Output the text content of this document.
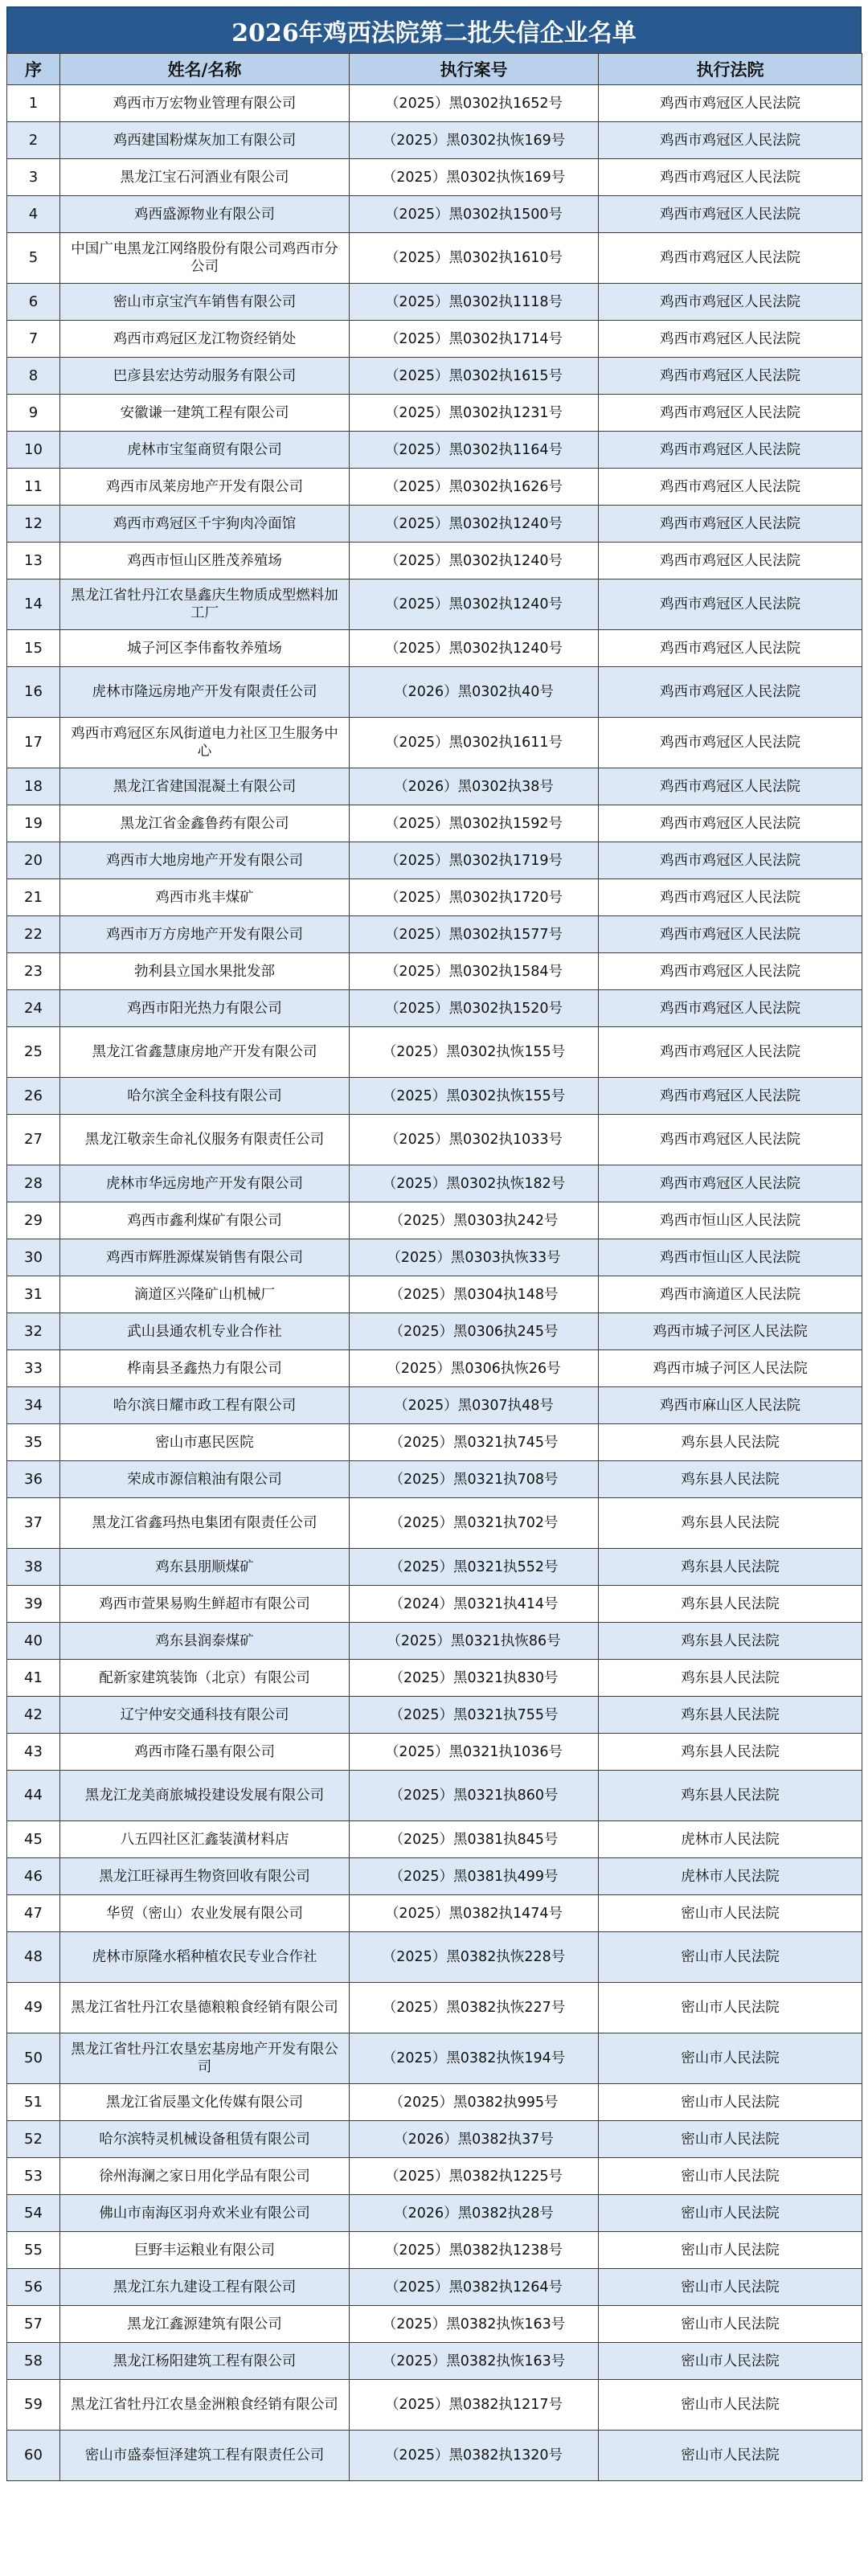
2026年鸡西法院第二批失信企业名单
序	姓名/名称	执行案号	执行法院
1	鸡西市万宏物业管理有限公司	（2025）黑0302执1652号	鸡西市鸡冠区人民法院
2	鸡西建国粉煤灰加工有限公司	（2025）黑0302执恢169号	鸡西市鸡冠区人民法院
3	黑龙江宝石河酒业有限公司	（2025）黑0302执恢169号	鸡西市鸡冠区人民法院
4	鸡西盛源物业有限公司	（2025）黑0302执1500号	鸡西市鸡冠区人民法院
5	中国广电黑龙江网络股份有限公司鸡西市分公司	（2025）黑0302执1610号	鸡西市鸡冠区人民法院
6	密山市京宝汽车销售有限公司	（2025）黑0302执1118号	鸡西市鸡冠区人民法院
7	鸡西市鸡冠区龙江物资经销处	（2025）黑0302执1714号	鸡西市鸡冠区人民法院
8	巴彦县宏达劳动服务有限公司	（2025）黑0302执1615号	鸡西市鸡冠区人民法院
9	安徽谦一建筑工程有限公司	（2025）黑0302执1231号	鸡西市鸡冠区人民法院
10	虎林市宝玺商贸有限公司	（2025）黑0302执1164号	鸡西市鸡冠区人民法院
11	鸡西市凤莱房地产开发有限公司	（2025）黑0302执1626号	鸡西市鸡冠区人民法院
12	鸡西市鸡冠区千宇狗肉冷面馆	（2025）黑0302执1240号	鸡西市鸡冠区人民法院
13	鸡西市恒山区胜茂养殖场	（2025）黑0302执1240号	鸡西市鸡冠区人民法院
14	黑龙江省牡丹江农垦鑫庆生物质成型燃料加工厂	（2025）黑0302执1240号	鸡西市鸡冠区人民法院
15	城子河区李伟畜牧养殖场	（2025）黑0302执1240号	鸡西市鸡冠区人民法院
16	虎林市隆远房地产开发有限责任公司	（2026）黑0302执40号	鸡西市鸡冠区人民法院
17	鸡西市鸡冠区东风街道电力社区卫生服务中心	（2025）黑0302执1611号	鸡西市鸡冠区人民法院
18	黑龙江省建国混凝土有限公司	（2026）黑0302执38号	鸡西市鸡冠区人民法院
19	黑龙江省金鑫鲁药有限公司	（2025）黑0302执1592号	鸡西市鸡冠区人民法院
20	鸡西市大地房地产开发有限公司	（2025）黑0302执1719号	鸡西市鸡冠区人民法院
21	鸡西市兆丰煤矿	（2025）黑0302执1720号	鸡西市鸡冠区人民法院
22	鸡西市万方房地产开发有限公司	（2025）黑0302执1577号	鸡西市鸡冠区人民法院
23	勃利县立国水果批发部	（2025）黑0302执1584号	鸡西市鸡冠区人民法院
24	鸡西市阳光热力有限公司	（2025）黑0302执1520号	鸡西市鸡冠区人民法院
25	黑龙江省鑫慧康房地产开发有限公司	（2025）黑0302执恢155号	鸡西市鸡冠区人民法院
26	哈尔滨全金科技有限公司	（2025）黑0302执恢155号	鸡西市鸡冠区人民法院
27	黑龙江敬亲生命礼仪服务有限责任公司	（2025）黑0302执1033号	鸡西市鸡冠区人民法院
28	虎林市华远房地产开发有限公司	（2025）黑0302执恢182号	鸡西市鸡冠区人民法院
29	鸡西市鑫利煤矿有限公司	（2025）黑0303执242号	鸡西市恒山区人民法院
30	鸡西市辉胜源煤炭销售有限公司	（2025）黑0303执恢33号	鸡西市恒山区人民法院
31	滴道区兴隆矿山机械厂	（2025）黑0304执148号	鸡西市滴道区人民法院
32	武山县通农机专业合作社	（2025）黑0306执245号	鸡西市城子河区人民法院
33	桦南县圣鑫热力有限公司	（2025）黑0306执恢26号	鸡西市城子河区人民法院
34	哈尔滨日耀市政工程有限公司	（2025）黑0307执48号	鸡西市麻山区人民法院
35	密山市惠民医院	（2025）黑0321执745号	鸡东县人民法院
36	荣成市源信粮油有限公司	（2025）黑0321执708号	鸡东县人民法院
37	黑龙江省鑫玛热电集团有限责任公司	（2025）黑0321执702号	鸡东县人民法院
38	鸡东县朋顺煤矿	（2025）黑0321执552号	鸡东县人民法院
39	鸡西市萱果易购生鲜超市有限公司	（2024）黑0321执414号	鸡东县人民法院
40	鸡东县润泰煤矿	（2025）黑0321执恢86号	鸡东县人民法院
41	配新家建筑装饰（北京）有限公司	（2025）黑0321执830号	鸡东县人民法院
42	辽宁仲安交通科技有限公司	（2025）黑0321执755号	鸡东县人民法院
43	鸡西市隆石墨有限公司	（2025）黑0321执1036号	鸡东县人民法院
44	黑龙江龙美商旅城投建设发展有限公司	（2025）黑0321执860号	鸡东县人民法院
45	八五四社区汇鑫装潢材料店	（2025）黑0381执845号	虎林市人民法院
46	黑龙江旺禄再生物资回收有限公司	（2025）黑0381执499号	虎林市人民法院
47	华贸（密山）农业发展有限公司	（2025）黑0382执1474号	密山市人民法院
48	虎林市原隆水稻种植农民专业合作社	（2025）黑0382执恢228号	密山市人民法院
49	黑龙江省牡丹江农垦德粮粮食经销有限公司	（2025）黑0382执恢227号	密山市人民法院
50	黑龙江省牡丹江农垦宏基房地产开发有限公司	（2025）黑0382执恢194号	密山市人民法院
51	黑龙江省辰墨文化传媒有限公司	（2025）黑0382执995号	密山市人民法院
52	哈尔滨特灵机械设备租赁有限公司	（2026）黑0382执37号	密山市人民法院
53	徐州海澜之家日用化学品有限公司	（2025）黑0382执1225号	密山市人民法院
54	佛山市南海区羽舟欢米业有限公司	（2026）黑0382执28号	密山市人民法院
55	巨野丰运粮业有限公司	（2025）黑0382执1238号	密山市人民法院
56	黑龙江东九建设工程有限公司	（2025）黑0382执1264号	密山市人民法院
57	黑龙江鑫源建筑有限公司	（2025）黑0382执恢163号	密山市人民法院
58	黑龙江杨阳建筑工程有限公司	（2025）黑0382执恢163号	密山市人民法院
59	黑龙江省牡丹江农垦金洲粮食经销有限公司	（2025）黑0382执1217号	密山市人民法院
60	密山市盛泰恒泽建筑工程有限责任公司	（2025）黑0382执1320号	密山市人民法院
